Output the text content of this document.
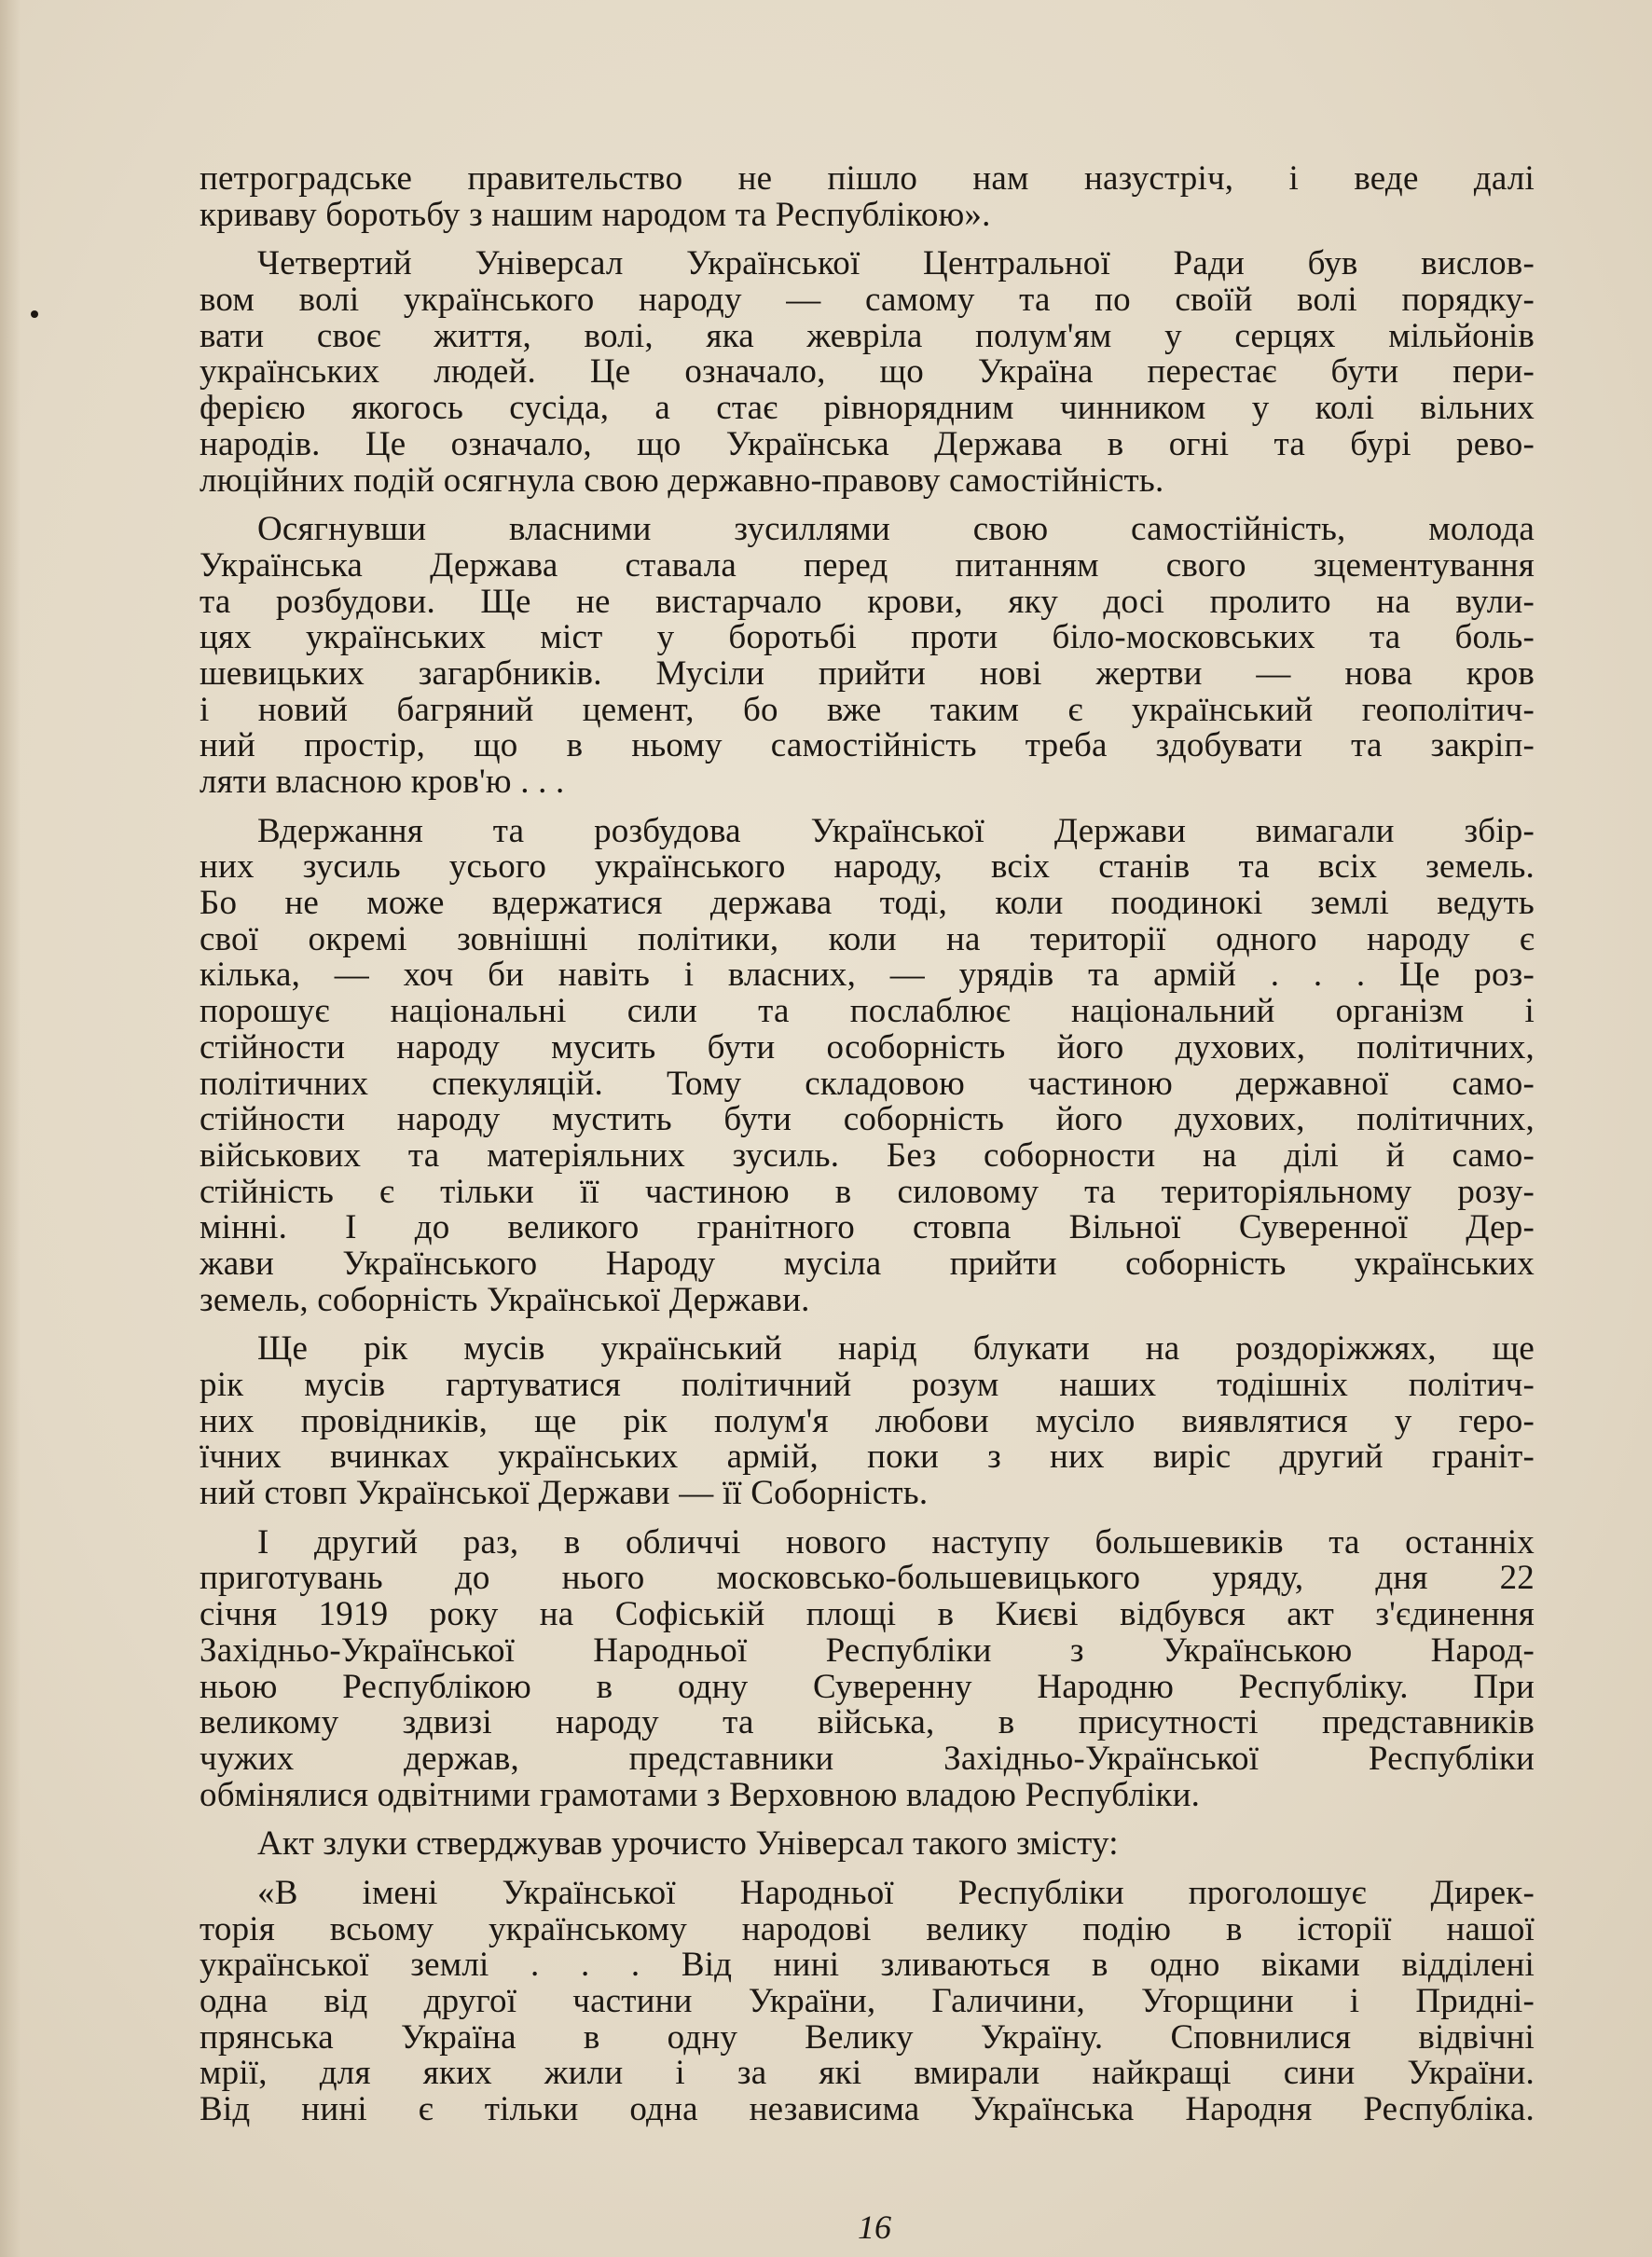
петроградське правительство не пішло нам назустріч, і веде далі
криваву боротьбу з нашим народом та Республікою».
Четвертий Універсал Української Центральної Ради був вислов-
вом волі українського народу — самому та по своїй волі порядку-
вати своє життя, волі, яка жевріла полум'ям у серцях мільйонів
українських людей. Це означало, що Україна перестає бути пери-
ферією якогось сусіда, а стає рівнорядним чинником у колі вільних
народів. Це означало, що Українська Держава в огні та бурі рево-
люційних подій осягнула свою державно-правову самостійність.
Осягнувши власними зусиллями свою самостійність, молода
Українська Держава ставала перед питанням свого зцементування
та розбудови. Ще не вистарчало крови, яку досі пролито на вули-
цях українських міст у боротьбі проти біло-московських та боль-
шевицьких загарбників. Мусіли прийти нові жертви — нова кров
і новий багряний цемент, бо вже таким є український геополітич-
ний простір, що в ньому самостійність треба здобувати та закріп-
ляти власною кров'ю . . .
Вдержання та розбудова Української Держави вимагали збір-
них зусиль усього українського народу, всіх станів та всіх земель.
Бо не може вдержатися держава тоді, коли поодинокі землі ведуть
свої окремі зовнішні політики, коли на території одного народу є
кілька, — хоч би навіть і власних, — урядів та армій . . . Це роз-
порошує національні сили та послаблює національний організм і
стійности народу мусить бути особорність його духових, політичних,
політичних спекуляцій. Тому складовою частиною державної само-
стійности народу мустить бути соборність його духових, політичних,
військових та матеріяльних зусиль. Без соборности на ділі й само-
стійність є тільки її частиною в силовому та територіяльному розу-
мінні. І до великого гранітного стовпа Вільної Суверенної Дер-
жави Українського Народу мусіла прийти соборність українських
земель, соборність Української Держави.
Ще рік мусів український нарід блукати на роздоріжжях, ще
рік мусів гартуватися політичний розум наших тодішніх політич-
них провідників, ще рік полум'я любови мусіло виявлятися у геро-
їчних вчинках українських армій, поки з них виріс другий граніт-
ний стовп Української Держави — її Соборність.
І другий раз, в обличчі нового наступу большевиків та останніх
приготувань до нього московсько-большевицького уряду, дня 22
січня 1919 року на Софіській площі в Києві відбувся акт з'єдинення
Західньо-Української Народньої Республіки з Українською Народ-
ньою Республікою в одну Суверенну Народню Республіку. При
великому здвизі народу та війська, в присутності представників
чужих держав, представники Західньо-Української Республіки
обмінялися одвітними грамотами з Верховною владою Республіки.
Акт злуки стверджував урочисто Універсал такого змісту:
«В імені Української Народньої Республіки проголошує Дирек-
торія всьому українському народові велику подію в історії нашої
української землі . . . Від нині зливаються в одно віками відділені
одна від другої частини України, Галичини, Угорщини і Придні-
прянська Україна в одну Велику Україну. Сповнилися відвічні
мрії, для яких жили і за які вмирали найкращі сини України.
Від нині є тільки одна независима Українська Народня Республіка.
16
